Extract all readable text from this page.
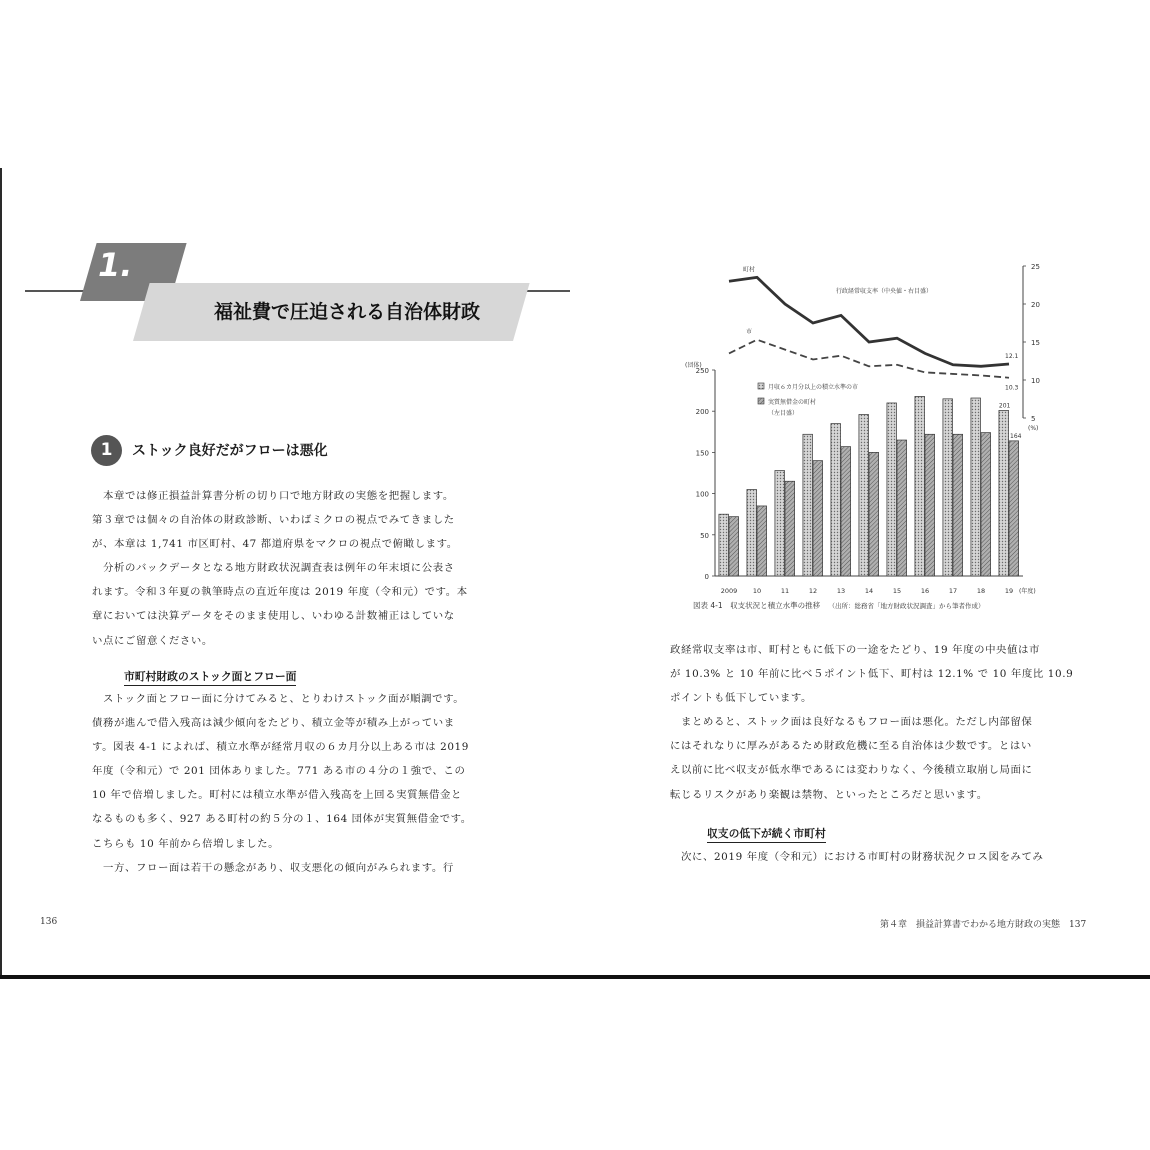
1.
福祉費で圧迫される自治体財政
1	ストック良好だがフローは悪化
　本章では修正損益計算書分析の切り口で地方財政の実態を把握します。
第３章では個々の自治体の財政診断、いわばミクロの視点でみてきました
が、本章は 1,741 市区町村、47 都道府県をマクロの視点で俯瞰します。
　分析のバックデータとなる地方財政状況調査表は例年の年末頃に公表さ
れます。令和３年夏の執筆時点の直近年度は 2019 年度（令和元）です。本
章においては決算データをそのまま使用し、いわゆる計数補正はしていな
い点にご留意ください。
市町村財政のストック面とフロー面
　ストック面とフロー面に分けてみると、とりわけストック面が順調です。
債務が進んで借入残高は減少傾向をたどり、積立金等が積み上がっていま
す。図表 4-1 によれば、積立水準が経常月収の６カ月分以上ある市は 2019
年度（令和元）で 201 団体ありました。771 ある市の４分の１強で、この
10 年で倍増しました。町村には積立水準が借入残高を上回る実質無借金と
なるものも多く、927 ある町村の約５分の１、164 団体が実質無借金です。
こちらも 10 年前から倍増しました。
　一方、フロー面は若干の懸念があり、収支悪化の傾向がみられます。行
136
0
50
100
150
200
250
(団体)
5
10
15
20
25
(%)
2009 10	11	12	13	14	15	16	17	18	19 (年度)
町村
市
行政経常収支率（中央値・右目盛）
月収６カ月分以上の積立水準の市
実質無借金の町村
（左目盛）
12.1
10.3
201
164
図表 4-1　収支状況と積立水準の推移 （出所：総務省「地方財政状況調査」から筆者作成）
政経常収支率は市、町村ともに低下の一途をたどり、19 年度の中央値は市
が 10.3% と 10 年前に比べ５ポイント低下、町村は 12.1% で 10 年度比 10.9
ポイントも低下しています。
　まとめると、ストック面は良好なるもフロー面は悪化。ただし内部留保
にはそれなりに厚みがあるため財政危機に至る自治体は少数です。とはい
え以前に比べ収支が低水準であるには変わりなく、今後積立取崩し局面に
転じるリスクがあり楽観は禁物、といったところだと思います。
収支の低下が続く市町村
　次に、2019 年度（令和元）における市町村の財務状況クロス図をみてみ
第４章　損益計算書でわかる地方財政の実態　137
